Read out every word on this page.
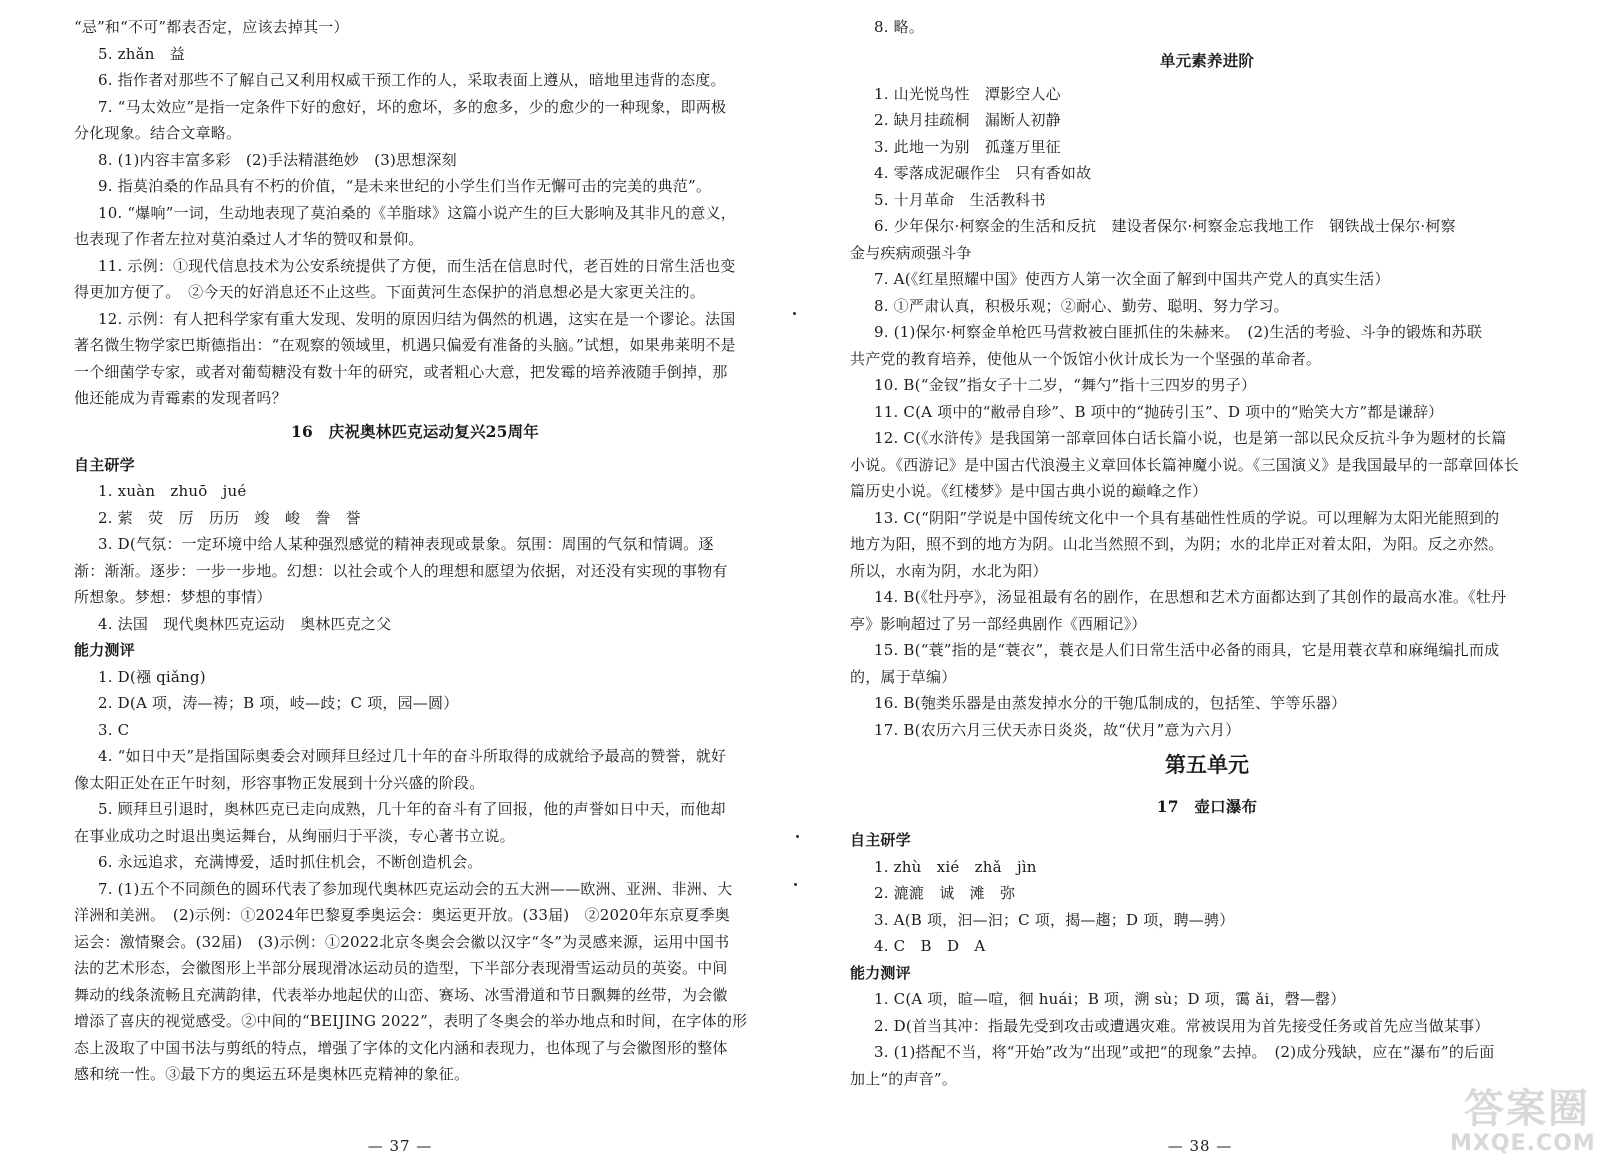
“忌”和“不可”都表否定，应该去掉其一）
5. zhǎn　益
6. 指作者对那些不了解自己又利用权威干预工作的人，采取表面上遵从，暗地里违背的态度。
7. “马太效应”是指一定条件下好的愈好，坏的愈坏，多的愈多，少的愈少的一种现象，即两极
分化现象。结合文章略。
8. (1)内容丰富多彩　(2)手法精湛绝妙　(3)思想深刻
9. 指莫泊桑的作品具有不朽的价值，“是未来世纪的小学生们当作无懈可击的完美的典范”。
10. “爆响”一词，生动地表现了莫泊桑的《羊脂球》这篇小说产生的巨大影响及其非凡的意义，
也表现了作者左拉对莫泊桑过人才华的赞叹和景仰。
11. 示例：①现代信息技术为公安系统提供了方便，而生活在信息时代，老百姓的日常生活也变
得更加方便了。　②今天的好消息还不止这些。下面黄河生态保护的消息想必是大家更关注的。
12. 示例：有人把科学家有重大发现、发明的原因归结为偶然的机遇，这实在是一个谬论。法国
著名微生物学家巴斯德指出：“在观察的领域里，机遇只偏爱有准备的头脑。”试想，如果弗莱明不是
一个细菌学专家，或者对葡萄糖没有数十年的研究，或者粗心大意，把发霉的培养液随手倒掉，那
他还能成为青霉素的发现者吗？
16　庆祝奥林匹克运动复兴25周年
自主研学
1. xuàn　zhuō　jué
2. 萦　荧　厉　历历　竣　峻　誊　誉
3. D(气氛：一定环境中给人某种强烈感觉的精神表现或景象。氛围：周围的气氛和情调。逐
渐：渐渐。逐步：一步一步地。幻想：以社会或个人的理想和愿望为依据，对还没有实现的事物有
所想象。梦想：梦想的事情）
4. 法国　现代奥林匹克运动　奥林匹克之父
能力测评
1. D(襁 qiǎng)
2. D(A 项，涛—祷；B 项，岐—歧；C 项，园—圆）
3. C
4. “如日中天”是指国际奥委会对顾拜旦经过几十年的奋斗所取得的成就给予最高的赞誉，就好
像太阳正处在正午时刻，形容事物正发展到十分兴盛的阶段。
5. 顾拜旦引退时，奥林匹克已走向成熟，几十年的奋斗有了回报，他的声誉如日中天，而他却
在事业成功之时退出奥运舞台，从绚丽归于平淡，专心著书立说。
6. 永远追求，充满博爱，适时抓住机会，不断创造机会。
7. (1)五个不同颜色的圆环代表了参加现代奥林匹克运动会的五大洲——欧洲、亚洲、非洲、大
洋洲和美洲。　(2)示例：①2024年巴黎夏季奥运会：奥运更开放。(33届)　②2020年东京夏季奥
运会：激情聚会。(32届)　(3)示例：①2022北京冬奥会会徽以汉字“冬”为灵感来源，运用中国书
法的艺术形态，会徽图形上半部分展现滑冰运动员的造型，下半部分表现滑雪运动员的英姿。中间
舞动的线条流畅且充满韵律，代表举办地起伏的山峦、赛场、冰雪滑道和节日飘舞的丝带，为会徽
增添了喜庆的视觉感受。②中间的“BEIJING 2022”，表明了冬奥会的举办地点和时间，在字体的形
态上汲取了中国书法与剪纸的特点，增强了字体的文化内涵和表现力，也体现了与会徽图形的整体
感和统一性。③最下方的奥运五环是奥林匹克精神的象征。
— 37 —
8. 略。
单元素养进阶
1. 山光悦鸟性　潭影空人心
2. 缺月挂疏桐　漏断人初静
3. 此地一为别　孤蓬万里征
4. 零落成泥碾作尘　只有香如故
5. 十月革命　生活教科书
6. 少年保尔·柯察金的生活和反抗　建设者保尔·柯察金忘我地工作　钢铁战士保尔·柯察
金与疾病顽强斗争
7. A(《红星照耀中国》使西方人第一次全面了解到中国共产党人的真实生活）
8. ①严肃认真，积极乐观；②耐心、勤劳、聪明、努力学习。
9. (1)保尔·柯察金单枪匹马营救被白匪抓住的朱赫来。　(2)生活的考验、斗争的锻炼和苏联
共产党的教育培养，使他从一个饭馆小伙计成长为一个坚强的革命者。
10. B(“金钗”指女子十二岁，“舞勺”指十三四岁的男子）
11. C(A 项中的“敝帚自珍”、B 项中的“抛砖引玉”、D 项中的“贻笑大方”都是谦辞）
12. C(《水浒传》是我国第一部章回体白话长篇小说，也是第一部以民众反抗斗争为题材的长篇
小说。《西游记》是中国古代浪漫主义章回体长篇神魔小说。《三国演义》是我国最早的一部章回体长
篇历史小说。《红楼梦》是中国古典小说的巅峰之作）
13. C(“阴阳”学说是中国传统文化中一个具有基础性性质的学说。可以理解为太阳光能照到的
地方为阳，照不到的地方为阴。山北当然照不到，为阴；水的北岸正对着太阳，为阳。反之亦然。
所以，水南为阴，水北为阳）
14. B(《牡丹亭》，汤显祖最有名的剧作，在思想和艺术方面都达到了其创作的最高水准。《牡丹
亭》影响超过了另一部经典剧作《西厢记》）
15. B(“蓑”指的是“蓑衣”，蓑衣是人们日常生活中必备的雨具，它是用蓑衣草和麻绳编扎而成
的，属于草编）
16. B(匏类乐器是由蒸发掉水分的干匏瓜制成的，包括笙、竽等乐器）
17. B(农历六月三伏天赤日炎炎，故“伏月”意为六月）
第五单元
17　壶口瀑布
自主研学
1. zhù　xié　zhǎ　jìn
2. 漉漉　诚　滩　弥
3. A(B 项，汩—汩；C 项，揭—趨；D 项，聘—骋）
4. C　B　D　A
能力测评
1. C(A 项，暄—喧，徊 huái；B 项，溯 sù；D 项，霭 ǎi，磬—罄）
2. D(首当其冲：指最先受到攻击或遭遇灾难。常被误用为首先接受任务或首先应当做某事）
3. (1)搭配不当，将“开始”改为“出现”或把“的现象”去掉。　(2)成分残缺，应在“瀑布”的后面
加上“的声音”。
— 38 —
答案圈
MXQE.COM
